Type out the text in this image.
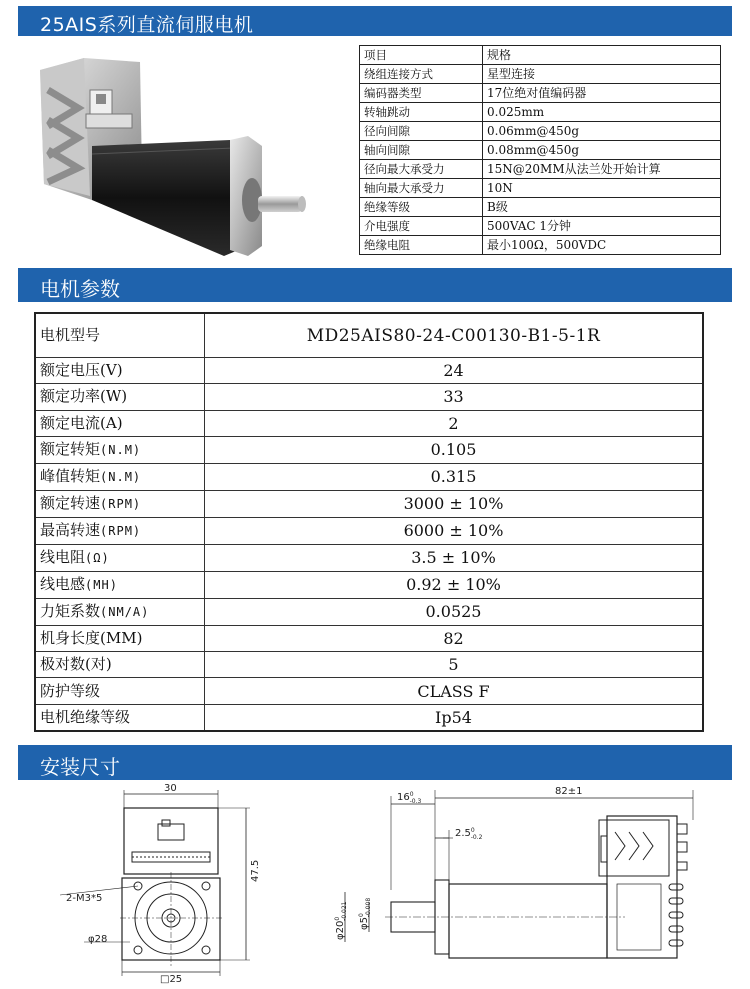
25AIS系列直流伺服电机
项目	规格
绕组连接方式	星型连接
编码器类型	17位绝对值编码器
转轴跳动	0.025mm
径向间隙	0.06mm@450g
轴向间隙	0.08mm@450g
径向最大承受力	15N@20MM从法兰处开始计算
轴向最大承受力	10N
绝缘等级	B级
介电强度	500VAC 1分钟
绝缘电阻	最小100Ω，500VDC
电机参数
电机型号	MD25AIS80-24-C00130-B1-5-1R
额定电压(V)	24
额定功率(W)	33
额定电流(A)	2
额定转矩(N.M)	0.105
峰值转矩(N.M)	0.315
额定转速(RPM)	3000 ± 10%
最高转速(RPM)	6000 ± 10%
线电阻(Ω)	3.5 ± 10%
线电感(MH)	0.92 ± 10%
力矩系数(NM/A)	0.0525
机身长度(MM)	82
极对数(对)	5
防护等级	CLASS F
电机绝缘等级	Ip54
安装尺寸
30
47.5
2-M3*5
φ28
□25
82±1
$16^0$ -0.3
$2.5^0$ -0.2
$\varphi 20^0-0.021$
$\varphi 5^0-0.008$
